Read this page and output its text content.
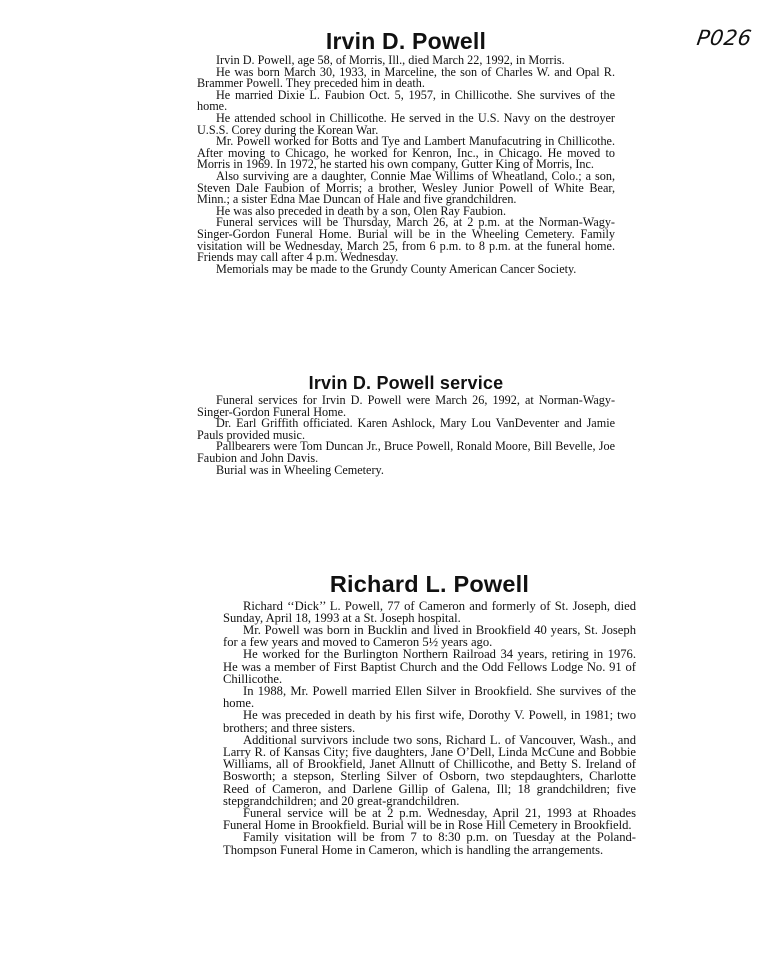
P026
Irvin D. Powell

Irvin D. Powell, age 58, of Morris, Ill., died March 22, 1992, in Morris.

He was born March 30, 1933, in Marceline, the son of Charles W. and Opal R. Brammer Powell. They preceded him in death.

He married Dixie L. Faubion Oct. 5, 1957, in Chillicothe. She survives of the home.

He attended school in Chillicothe. He served in the U.S. Navy on the destroyer U.S.S. Corey during the Korean War.

Mr. Powell worked for Botts and Tye and Lambert Manufacutring in Chillicothe. After moving to Chicago, he worked for Kenron, Inc., in Chicago. He moved to Morris in 1969. In 1972, he started his own company, Gutter King of Morris, Inc.

Also surviving are a daughter, Connie Mae Willims of Wheatland, Colo.; a son, Steven Dale Faubion of Morris; a brother, Wesley Junior Powell of White Bear, Minn.; a sister Edna Mae Duncan of Hale and five grandchildren.

He was also preceded in death by a son, Olen Ray Faubion.

Funeral services will be Thursday, March 26, at 2 p.m. at the Norman-Wagy-Singer-Gordon Funeral Home. Burial will be in the Wheeling Cemetery. Family visitation will be Wednesday, March 25, from 6 p.m. to 8 p.m. at the funeral home. Friends may call after 4 p.m. Wednesday.

Memorials may be made to the Grundy County American Cancer Society.

Irvin D. Powell service

Funeral services for Irvin D. Powell were March 26, 1992, at Norman-Wagy-Singer-Gordon Funeral Home.

Dr. Earl Griffith officiated. Karen Ashlock, Mary Lou VanDeventer and Jamie Pauls provided music.

Pallbearers were Tom Duncan Jr., Bruce Powell, Ronald Moore, Bill Bevelle, Joe Faubion and John Davis.

Burial was in Wheeling Cemetery.

Richard L. Powell

Richard ‘‘Dick’’ L. Powell, 77 of Cameron and formerly of St. Joseph, died Sunday, April 18, 1993 at a St. Joseph hospital.

Mr. Powell was born in Bucklin and lived in Brookfield 40 years, St. Joseph for a few years and moved to Cameron 5½ years ago.

He worked for the Burlington Northern Railroad 34 years, retiring in 1976. He was a member of First Baptist Church and the Odd Fellows Lodge No. 91 of Chillicothe.

In 1988, Mr. Powell married Ellen Silver in Brookfield. She survives of the home.

He was preceded in death by his first wife, Dorothy V. Powell, in 1981; two brothers; and three sisters.

Additional survivors include two sons, Richard L. of Vancouver, Wash., and Larry R. of Kansas City; five daughters, Jane O’Dell, Linda McCune and Bobbie Williams, all of Brookfield, Janet Allnutt of Chillicothe, and Betty S. Ireland of Bosworth; a stepson, Sterling Silver of Osborn, two stepdaughters, Charlotte Reed of Cameron, and Darlene Gillip of Galena, Ill; 18 grandchildren; five stepgrandchildren; and 20 great-grandchildren.

Funeral service will be at 2 p.m. Wednesday, April 21, 1993 at Rhoades Funeral Home in Brookfield. Burial will be in Rose Hill Cemetery in Brookfield.

Family visitation will be from 7 to 8:30 p.m. on Tuesday at the Poland-Thompson Funeral Home in Cameron, which is handling the arrangements.
